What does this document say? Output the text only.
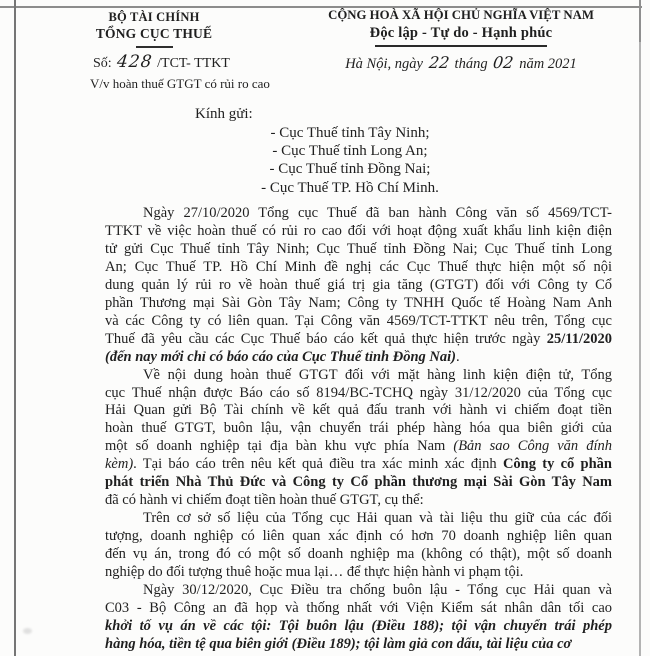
BỘ TÀI CHÍNH
TỔNG CỤC THUẾ
Số: 428 /TCT- TTKT
V/v hoàn thuế GTGT có rủi ro cao
CỘNG HOÀ XÃ HỘI CHỦ NGHĨA VIỆT NAM
Độc lập - Tự do - Hạnh phúc
Hà Nội, ngày 22 tháng 02 năm 2021
Kính gửi:
- Cục Thuế tỉnh Tây Ninh;
- Cục Thuế tỉnh Long An;
- Cục Thuế tỉnh Đồng Nai;
- Cục Thuế TP. Hồ Chí Minh.
Ngày 27/10/2020 Tổng cục Thuế đã ban hành Công văn số 4569/TCT-
TTKT về việc hoàn thuế có rủi ro cao đối với hoạt động xuất khẩu linh kiện điện
tử gửi Cục Thuế tỉnh Tây Ninh; Cục Thuế tỉnh Đồng Nai; Cục Thuế tỉnh Long
An; Cục Thuế TP. Hồ Chí Minh đề nghị các Cục Thuế thực hiện một số nội
dung quản lý rủi ro về hoàn thuế giá trị gia tăng (GTGT) đối với Công ty Cổ
phần Thương mại Sài Gòn Tây Nam; Công ty TNHH Quốc tế Hoàng Nam Anh
và các Công ty có liên quan. Tại Công văn 4569/TCT-TTKT nêu trên, Tổng cục
Thuế đã yêu cầu các Cục Thuế báo cáo kết quả thực hiện trước ngày 25/11/2020
(đến nay mới chỉ có báo cáo của Cục Thuế tỉnh Đồng Nai).
Về nội dung hoàn thuế GTGT đối với mặt hàng linh kiện điện tử, Tổng
cục Thuế nhận được Báo cáo số 8194/BC-TCHQ ngày 31/12/2020 của Tổng cục
Hải Quan gửi Bộ Tài chính về kết quả đấu tranh với hành vi chiếm đoạt tiền
hoàn thuế GTGT, buôn lậu, vận chuyển trái phép hàng hóa qua biên giới của
một số doanh nghiệp tại địa bàn khu vực phía Nam (Bản sao Công văn đính
kèm). Tại báo cáo trên nêu kết quả điều tra xác minh xác định Công ty cổ phần
phát triển Nhà Thủ Đức và Công ty Cổ phần thương mại Sài Gòn Tây Nam
đã có hành vi chiếm đoạt tiền hoàn thuế GTGT, cụ thể:
Trên cơ sở số liệu của Tổng cục Hải quan và tài liệu thu giữ của các đối
tượng, doanh nghiệp có liên quan xác định có hơn 70 doanh nghiệp liên quan
đến vụ án, trong đó có một số doanh nghiệp ma (không có thật), một số doanh
nghiệp do đối tượng thuê hoặc mua lại… để thực hiện hành vi phạm tội.
Ngày 30/12/2020, Cục Điều tra chống buôn lậu - Tổng cục Hải quan và
C03 - Bộ Công an đã họp và thống nhất với Viện Kiểm sát nhân dân tối cao
khởi tố vụ án về các tội: Tội buôn lậu (Điều 188); tội vận chuyển trái phép
hàng hóa, tiền tệ qua biên giới (Điều 189); tội làm giả con dấu, tài liệu của cơ
